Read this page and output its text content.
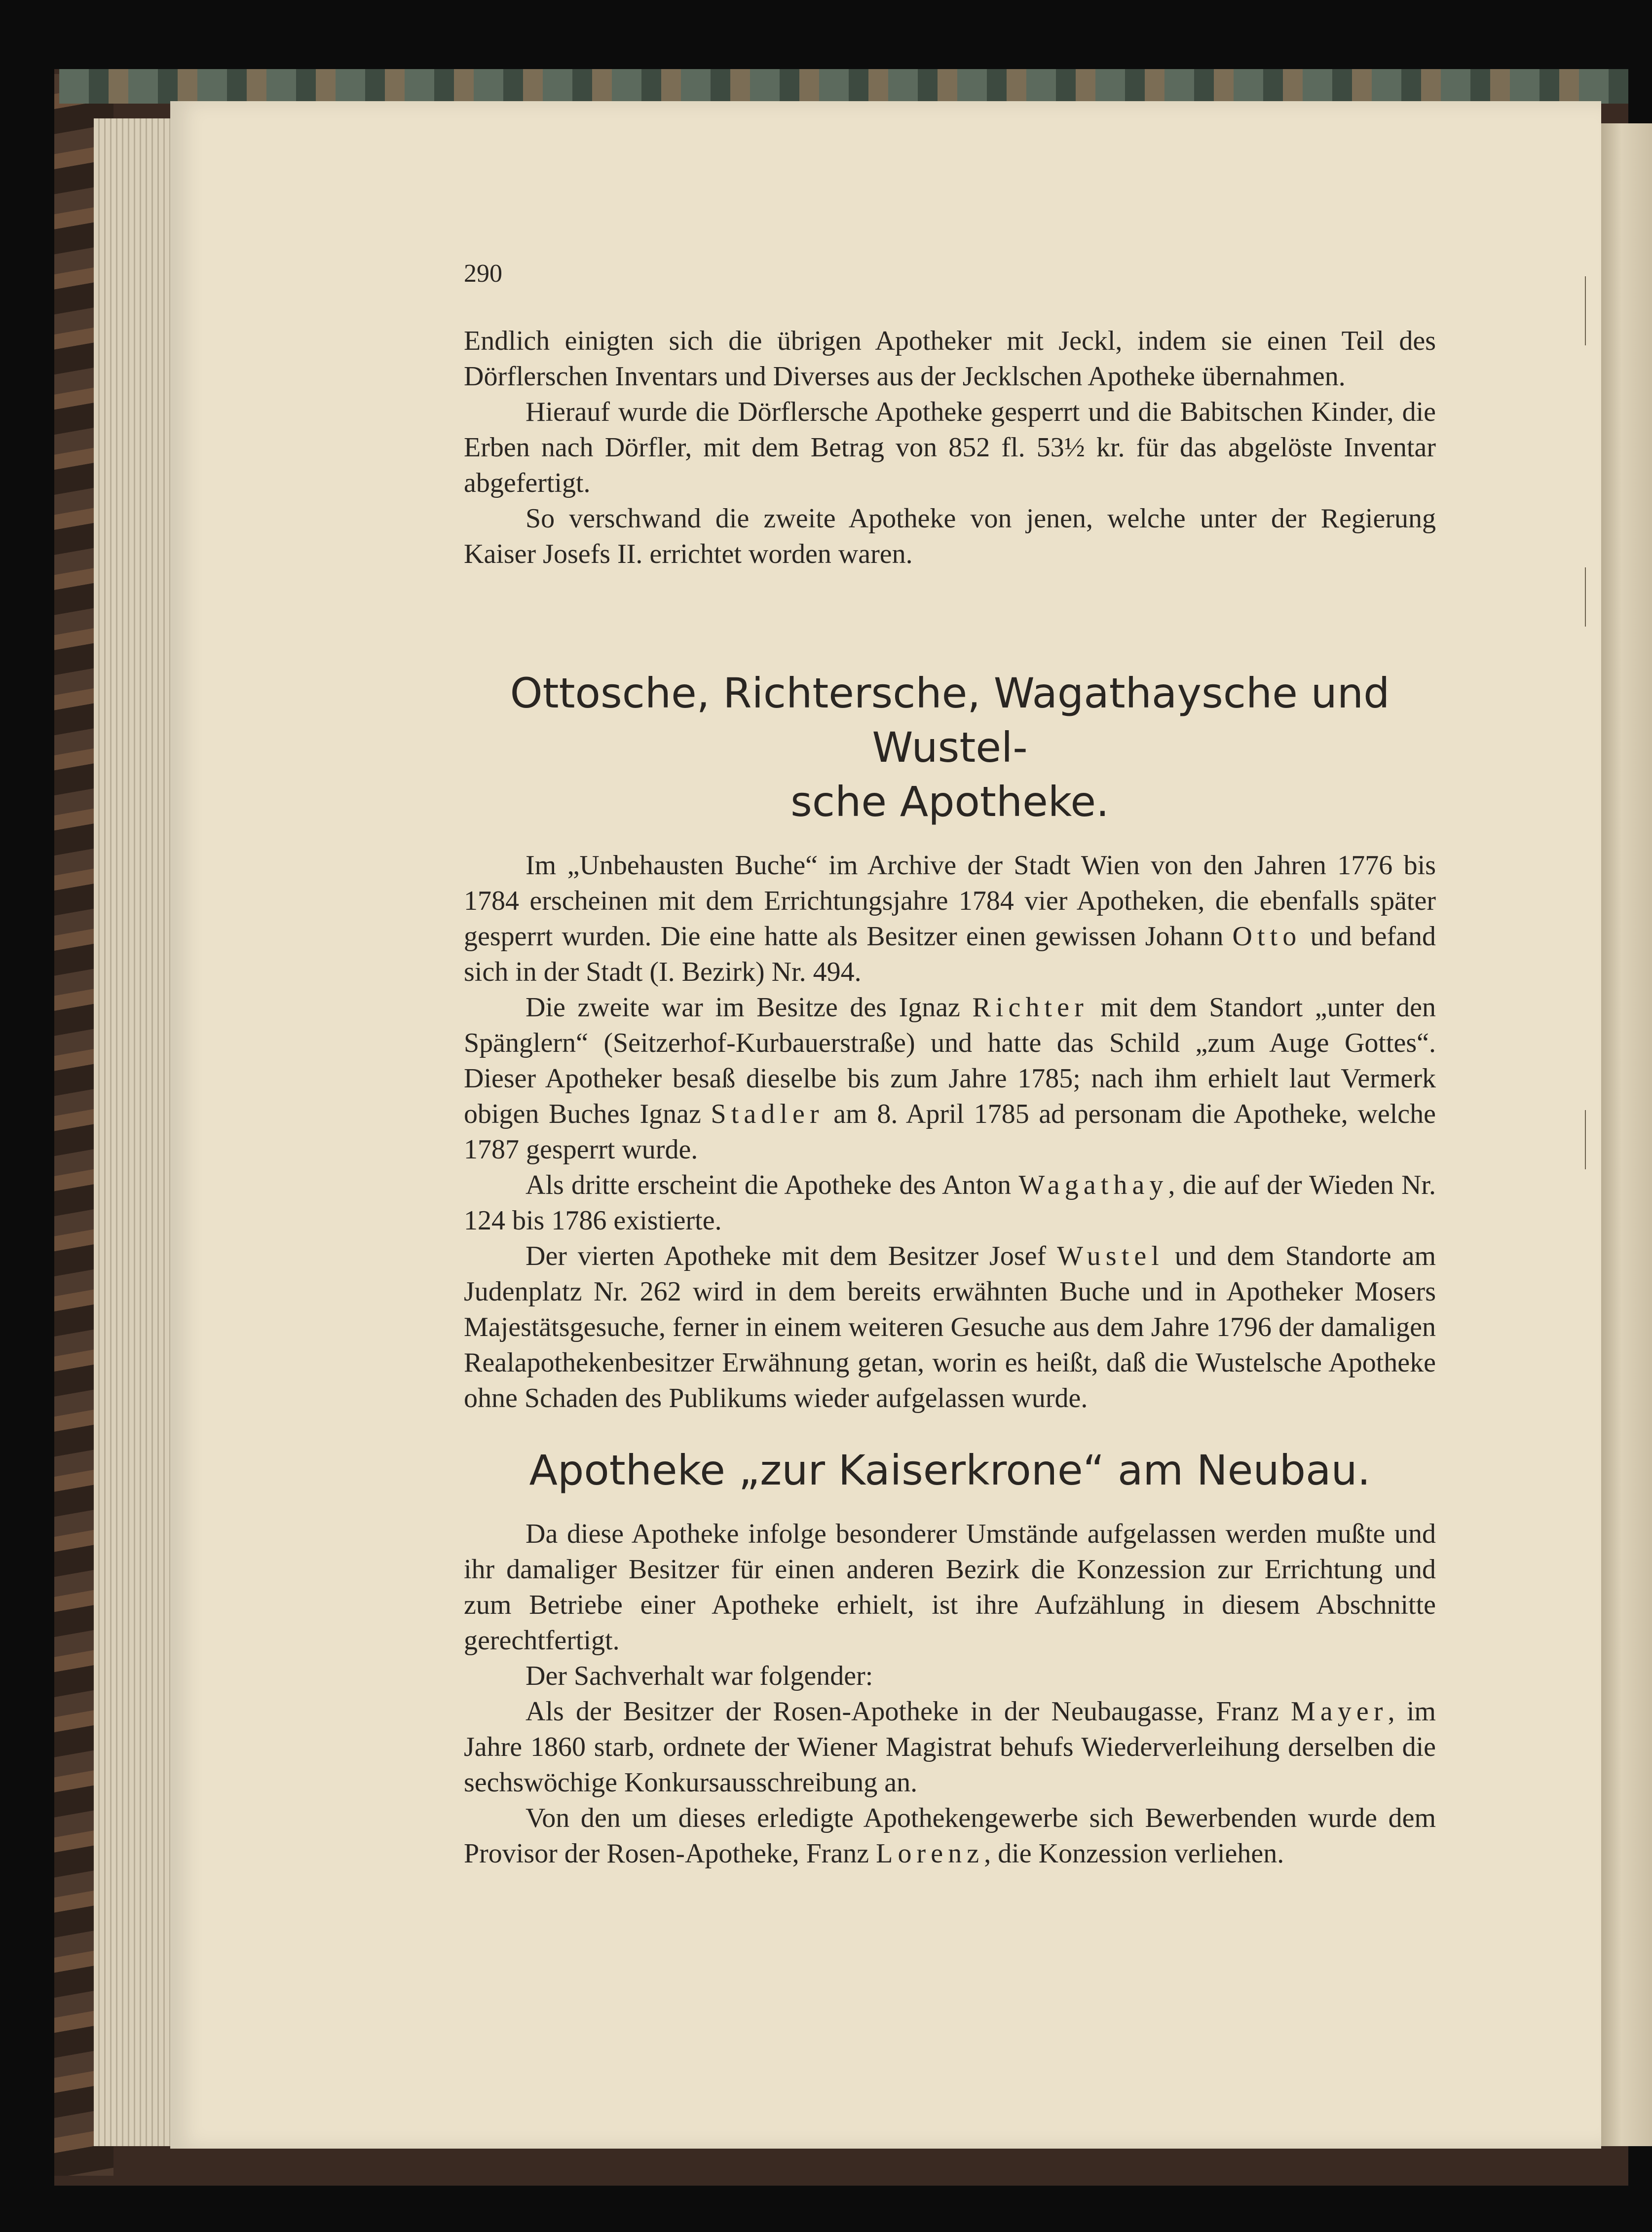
290

Endlich einigten sich die übrigen Apotheker mit Jeckl, indem sie einen Teil des Dörflerschen Inventars und Diverses aus der Jecklschen Apotheke übernahmen.

Hierauf wurde die Dörflersche Apotheke gesperrt und die Babitschen Kinder, die Erben nach Dörfler, mit dem Betrag von 852 fl. 53½ kr. für das abgelöste Inventar abgefertigt.

So verschwand die zweite Apotheke von jenen, welche unter der Regierung Kaiser Josefs II. errichtet worden waren.

Ottosche, Richtersche, Wagathaysche und Wustel-
sche Apotheke.

Im „Unbehausten Buche“ im Archive der Stadt Wien von den Jahren 1776 bis 1784 erscheinen mit dem Errichtungsjahre 1784 vier Apotheken, die ebenfalls später gesperrt wurden. Die eine hatte als Besitzer einen gewissen Johann Otto und befand sich in der Stadt (I. Bezirk) Nr. 494.

Die zweite war im Besitze des Ignaz Richter mit dem Standort „unter den Spänglern“ (Seitzerhof-Kurbauerstraße) und hatte das Schild „zum Auge Gottes“. Dieser Apotheker besaß dieselbe bis zum Jahre 1785; nach ihm erhielt laut Vermerk obigen Buches Ignaz Stadler am 8. April 1785 ad personam die Apotheke, welche 1787 gesperrt wurde.

Als dritte erscheint die Apotheke des Anton Wagathay, die auf der Wieden Nr. 124 bis 1786 existierte.

Der vierten Apotheke mit dem Besitzer Josef Wustel und dem Standorte am Judenplatz Nr. 262 wird in dem bereits erwähnten Buche und in Apotheker Mosers Majestätsgesuche, ferner in einem weiteren Gesuche aus dem Jahre 1796 der damaligen Realapothekenbesitzer Erwähnung getan, worin es heißt, daß die Wustelsche Apotheke ohne Schaden des Publikums wieder aufgelassen wurde.

Apotheke „zur Kaiserkrone“ am Neubau.

Da diese Apotheke infolge besonderer Umstände aufgelassen werden mußte und ihr damaliger Besitzer für einen anderen Bezirk die Konzession zur Errichtung und zum Betriebe einer Apotheke erhielt, ist ihre Aufzählung in diesem Abschnitte gerechtfertigt.

Der Sachverhalt war folgender:

Als der Besitzer der Rosen-Apotheke in der Neubaugasse, Franz Mayer, im Jahre 1860 starb, ordnete der Wiener Magistrat behufs Wiederverleihung derselben die sechswöchige Konkursausschreibung an.

Von den um dieses erledigte Apothekengewerbe sich Bewerbenden wurde dem Provisor der Rosen-Apotheke, Franz Lorenz, die Konzession verliehen.
